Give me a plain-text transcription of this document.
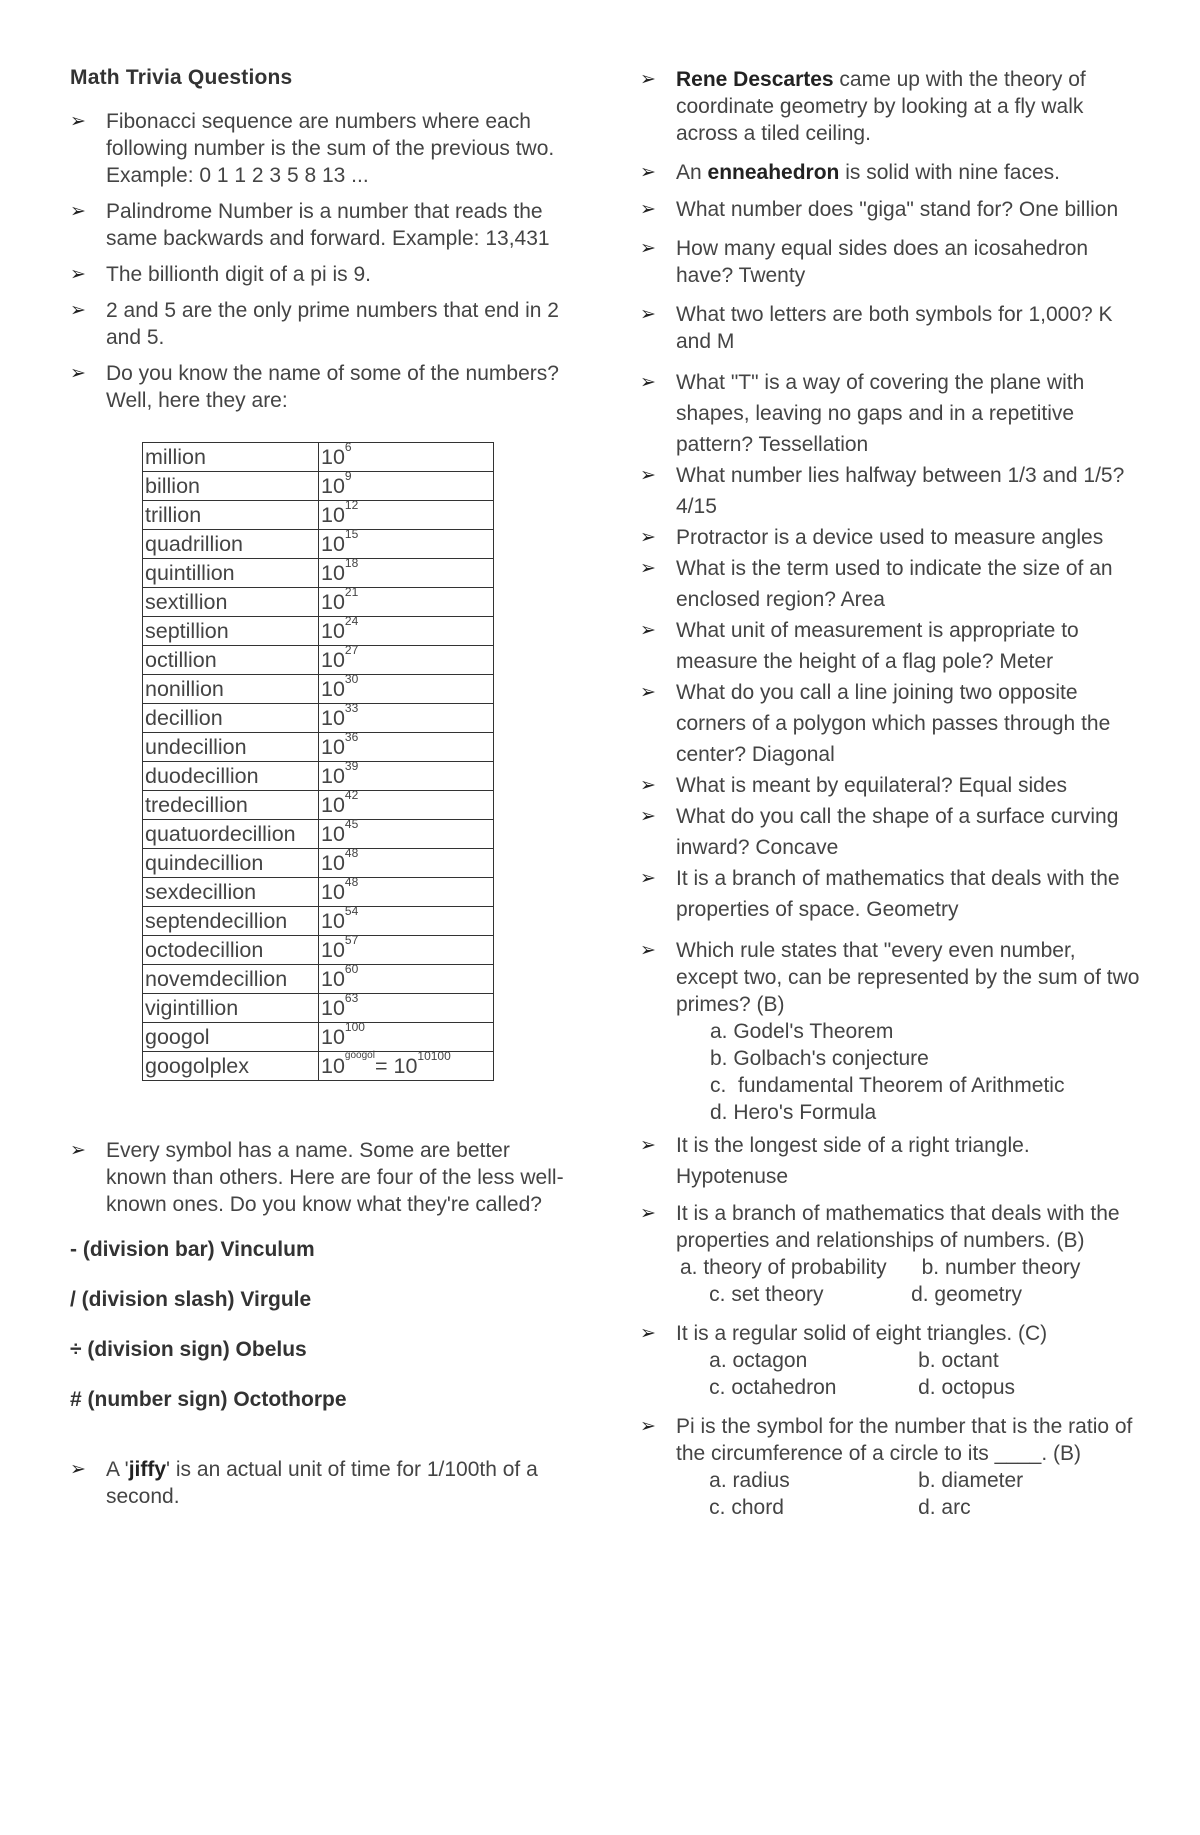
Math Trivia Questions
➢ Fibonacci sequence are numbers where each following number is the sum of the previous two. Example: 0 1 1 2 3 5 8 13 ...
➢ Palindrome Number is a number that reads the same backwards and forward. Example: 13,431
➢ The billionth digit of a pi is 9.
➢ 2 and 5 are the only prime numbers that end in 2 and 5.
➢ Do you know the name of some of the numbers? Well, here they are:
million	$10^6$
billion	$10^9$
trillion	$10^{12}$
quadrillion	$10^{15}$
quintillion	$10^{18}$
sextillion	$10^{21}$
septillion	$10^{24}$
octillion	$10^{27}$
nonillion	$10^{30}$
decillion	$10^{33}$
undecillion	$10^{36}$
duodecillion	$10^{39}$
tredecillion	$10^{42}$
quatuordecillion	$10^{45}$
quindecillion	$10^{48}$
sexdecillion	$10^{48}$
septendecillion	$10^{54}$
octodecillion	$10^{57}$
novemdecillion	$10^{60}$
vigintillion	$10^{63}$
googol	$10^{100}$
googolplex	$10^{googol}= 10^{10100}$
➢ Every symbol has a name. Some are better known than others. Here are four of the less well-known ones. Do you know what they're called?
- (division bar) Vinculum
/ (division slash) Virgule
÷ (division sign) Obelus
# (number sign) Octothorpe
➢ A 'jiffy' is an actual unit of time for 1/100th of a second.
➢ Rene Descartes came up with the theory of coordinate geometry by looking at a fly walk across a tiled ceiling.
➢ An enneahedron is solid with nine faces.
➢ What number does "giga" stand for? One billion
➢ How many equal sides does an icosahedron have? Twenty
➢ What two letters are both symbols for 1,000? K and M
➢ What "T" is a way of covering the plane with shapes, leaving no gaps and in a repetitive pattern? Tessellation
➢ What number lies halfway between 1/3 and 1/5? 4/15
➢ Protractor is a device used to measure angles
➢ What is the term used to indicate the size of an enclosed region? Area
➢ What unit of measurement is appropriate to measure the height of a flag pole? Meter
➢ What do you call a line joining two opposite corners of a polygon which passes through the center? Diagonal
➢ What is meant by equilateral? Equal sides
➢ What do you call the shape of a surface curving inward? Concave
➢ It is a branch of mathematics that deals with the properties of space. Geometry
➢ Which rule states that "every even number, except two, can be represented by the sum of two primes? (B)
a. Godel's Theorem
b. Golbach's conjecture
c.  fundamental Theorem of Arithmetic
d. Hero's Formula
➢ It is the longest side of a right triangle. Hypotenuse
➢ It is a branch of mathematics that deals with the properties and relationships of numbers. (B)
a. theory of probability      b. number theory
c. set theory               d. geometry
➢ It is a regular solid of eight triangles. (C)
a. octagon                   b. octant
c. octahedron              d. octopus
➢ Pi is the symbol for the number that is the ratio of the circumference of a circle to its ____. (B)
a. radius                      b. diameter
c. chord                       d. arc
